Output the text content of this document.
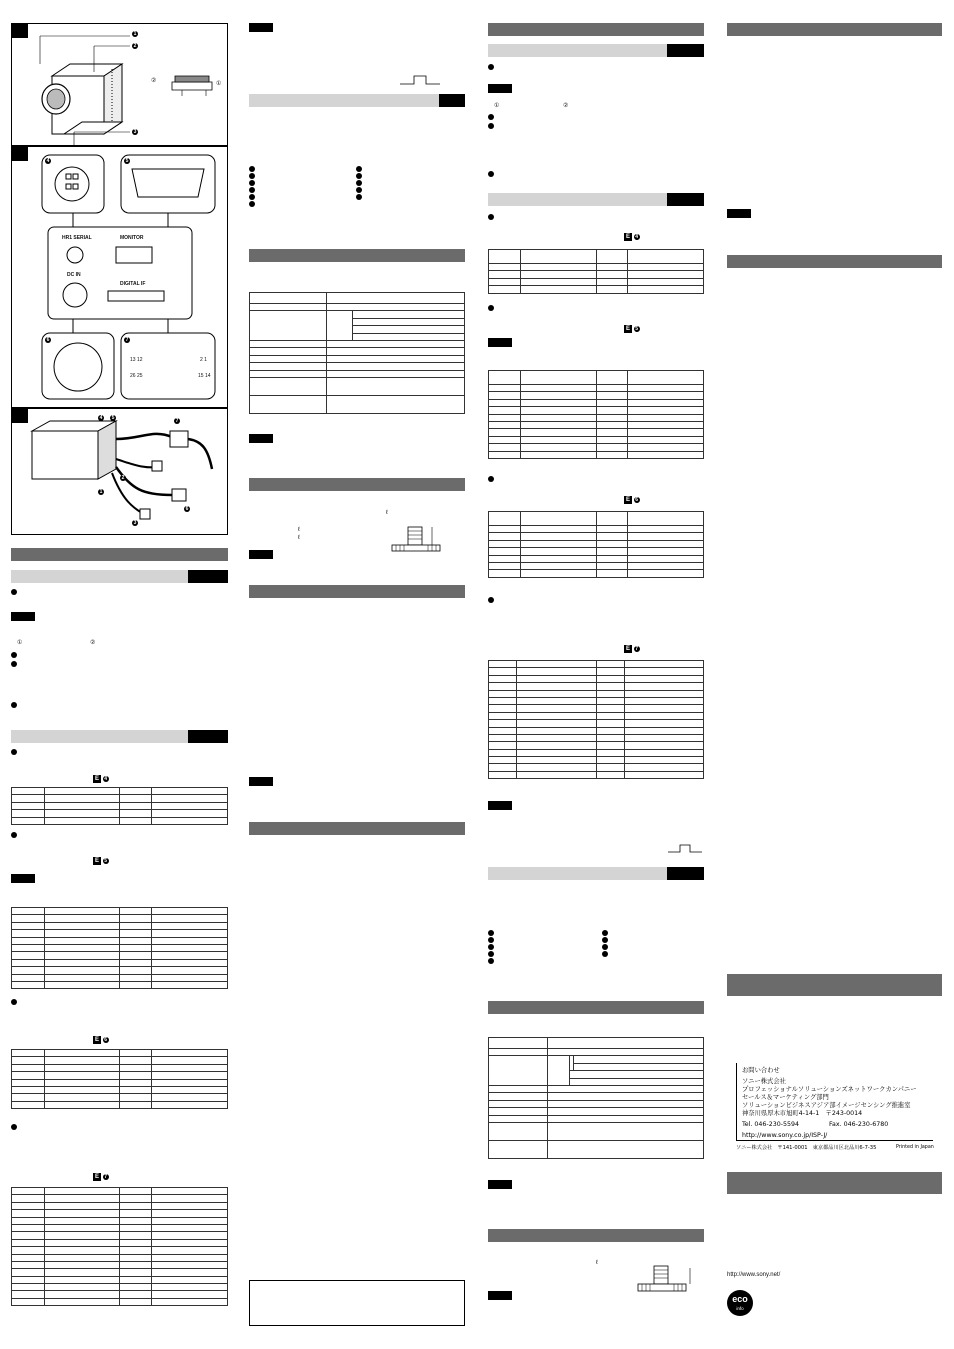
1
2
3
②	①
4	5
6	7
HR1 SERIAL	MONITOR
DC IN
DIGITAL IF
13 12	2 1
26 25	15 14
4	5	7
1
3
2
6
①	②
E 4

E 5

E 6

E 7

ℓ
ℓ
ℓ
①	②
E 4

E 5

E 6

E 7

ℓ
お問い合わせ
ソニー株式会社
プロフェッショナルソリューションズネットワークカンパニー
セールス＆マーケティング部門
ソリューションビジネスアジア部イメージセンシング推進室
神奈川県厚木市旭町4-14-1　〒243-0014
Tel. 046-230-5594	Fax. 046-230-6780
http://www.sony.co.jp/ISP-J/
ソニー株式会社　〒141-0001　東京都品川区北品川6-7-35	Printed in Japan
http://www.sony.net/
eco
info
